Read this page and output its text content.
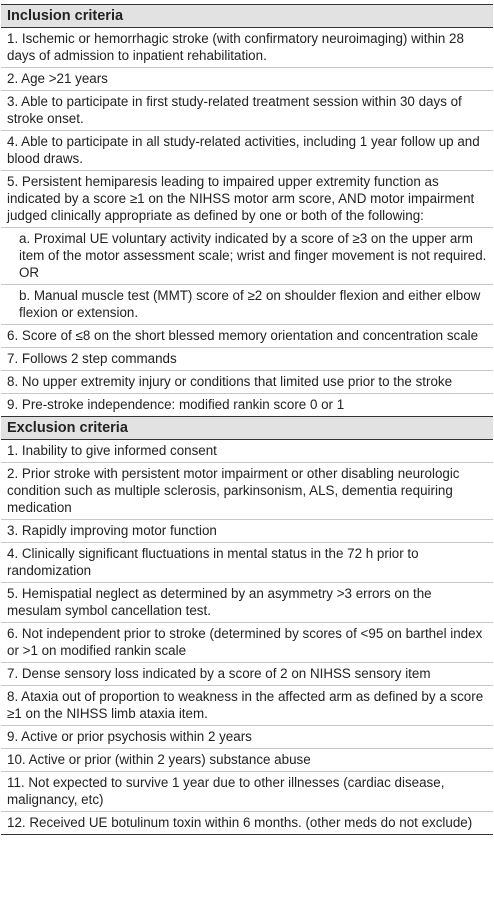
Inclusion criteria
1. Ischemic or hemorrhagic stroke (with confirmatory neuroimaging) within 28 days of admission to inpatient rehabilitation.
2. Age >21 years
3. Able to participate in first study-related treatment session within 30 days of stroke onset.
4. Able to participate in all study-related activities, including 1 year follow up and blood draws.
5. Persistent hemiparesis leading to impaired upper extremity function as indicated by a score ≥1 on the NIHSS motor arm score, AND motor impairment judged clinically appropriate as defined by one or both of the following:
a. Proximal UE voluntary activity indicated by a score of ≥3 on the upper arm item of the motor assessment scale; wrist and finger movement is not required. OR
b. Manual muscle test (MMT) score of ≥2 on shoulder flexion and either elbow flexion or extension.
6. Score of ≤8 on the short blessed memory orientation and concentration scale
7. Follows 2 step commands
8. No upper extremity injury or conditions that limited use prior to the stroke
9. Pre-stroke independence: modified rankin score 0 or 1
Exclusion criteria
1. Inability to give informed consent
2. Prior stroke with persistent motor impairment or other disabling neurologic condition such as multiple sclerosis, parkinsonism, ALS, dementia requiring medication
3. Rapidly improving motor function
4. Clinically significant fluctuations in mental status in the 72 h prior to randomization
5. Hemispatial neglect as determined by an asymmetry >3 errors on the mesulam symbol cancellation test.
6. Not independent prior to stroke (determined by scores of <95 on barthel index or >1 on modified rankin scale
7. Dense sensory loss indicated by a score of 2 on NIHSS sensory item
8. Ataxia out of proportion to weakness in the affected arm as defined by a score ≥1 on the NIHSS limb ataxia item.
9. Active or prior psychosis within 2 years
10. Active or prior (within 2 years) substance abuse
11. Not expected to survive 1 year due to other illnesses (cardiac disease, malignancy, etc)
12. Received UE botulinum toxin within 6 months. (other meds do not exclude)
